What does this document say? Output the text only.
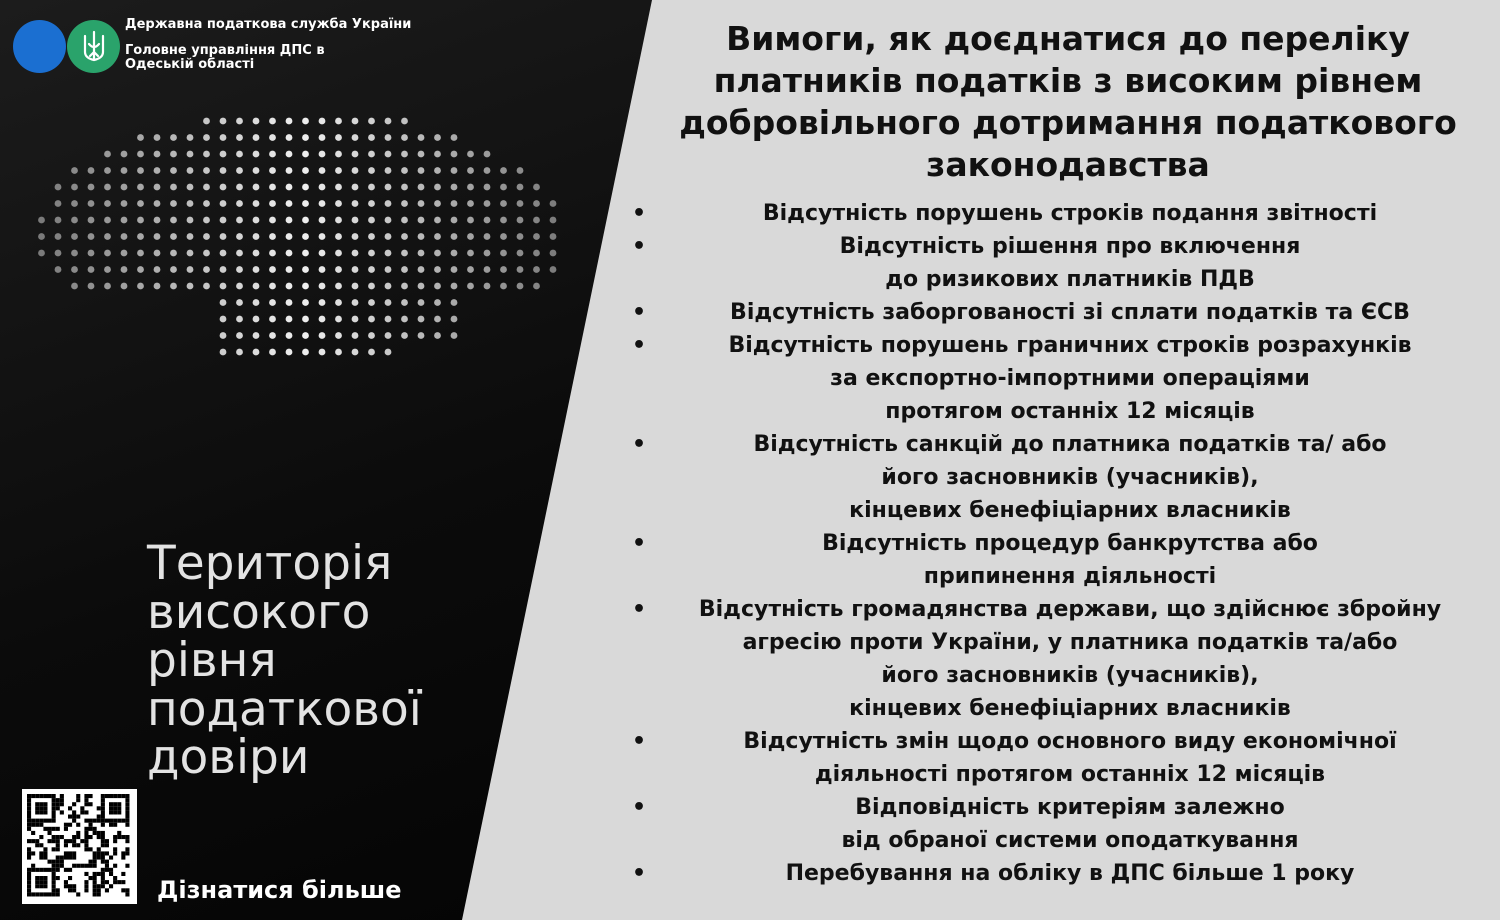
Державна податкова служба України
Головне управління ДПС в Одеській області
Територія
високого
рівня
податкової
довіри
Дізнатися більше
Вимоги, як доєднатися до переліку
платників податків з високим рівнем
добровільного дотримання податкового
законодавства
•	Відсутність порушень строків подання звітності
•	Відсутність рішення про включення
до ризикових платників ПДВ
•	Відсутність заборгованості зі сплати податків та ЄСВ
•	Відсутність порушень граничних строків розрахунків
за експортно-імпортними операціями
протягом останніх 12 місяців
•	Відсутність санкцій до платника податків та/ або
його засновників (учасників),
кінцевих бенефіціарних власників
•	Відсутність процедур банкрутства або
припинення діяльності
•	Відсутність громадянства держави, що здійснює збройну
агресію проти України, у платника податків та/або
його засновників (учасників),
кінцевих бенефіціарних власників
•	Відсутність змін щодо основного виду економічної
діяльності протягом останніх 12 місяців
•	Відповідність критеріям залежно
від обраної системи оподаткування
•	Перебування на обліку в ДПС більше 1 року
